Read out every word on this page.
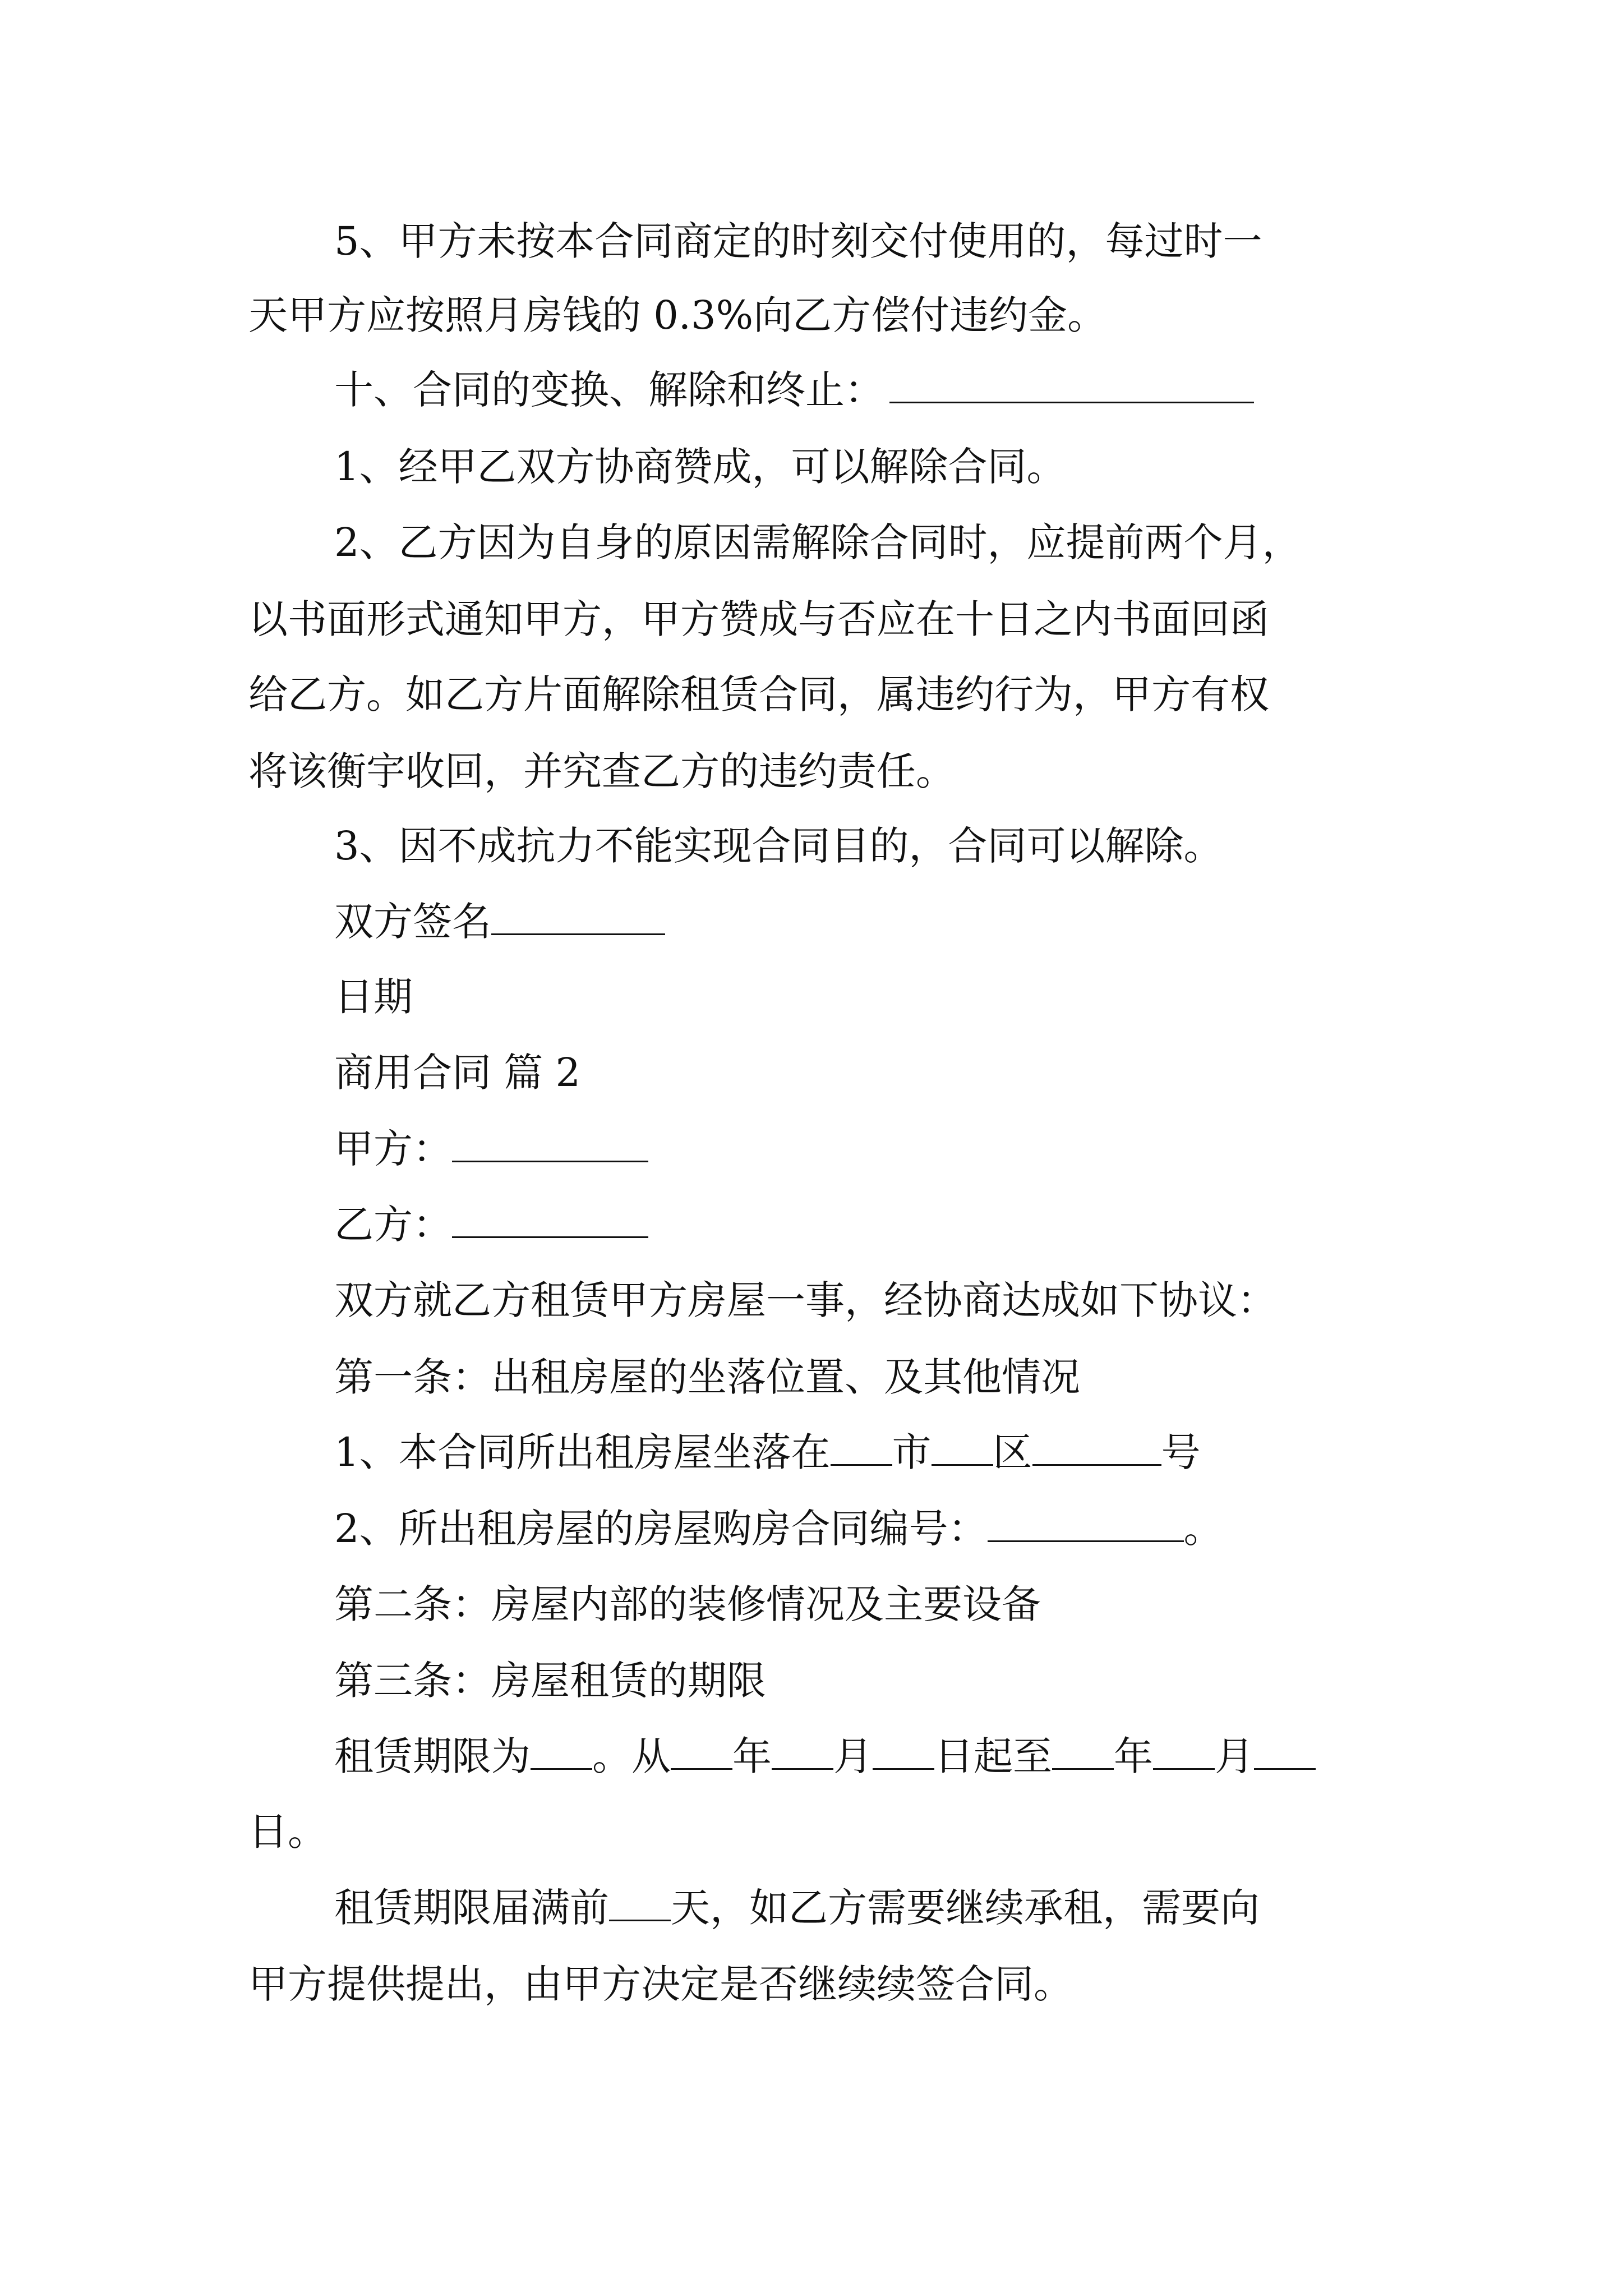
5、甲方未按本合同商定的时刻交付使用的，每过时一
天甲方应按照月房钱的 0.3%向乙方偿付违约金。
十、合同的变换、解除和终止：
1、经甲乙双方协商赞成，可以解除合同。
2、乙方因为自身的原因需解除合同时，应提前两个月，
以书面形式通知甲方，甲方赞成与否应在十日之内书面回函
给乙方。如乙方片面解除租赁合同，属违约行为，甲方有权
将该衡宇收回，并究查乙方的违约责任。
3、因不成抗力不能实现合同目的，合同可以解除。
双方签名
日期
商用合同 篇 2
甲方：
乙方：
双方就乙方租赁甲方房屋一事，经协商达成如下协议：
第一条：出租房屋的坐落位置、及其他情况
1、本合同所出租房屋坐落在 市 区	号
2、所出租房屋的房屋购房合同编号：	。
第二条：房屋内部的装修情况及主要设备
第三条：房屋租赁的期限
租赁期限为 。从 年 月 日起至 年 月
日。
租赁期限届满前 天，如乙方需要继续承租，需要向
甲方提供提出，由甲方决定是否继续续签合同。
